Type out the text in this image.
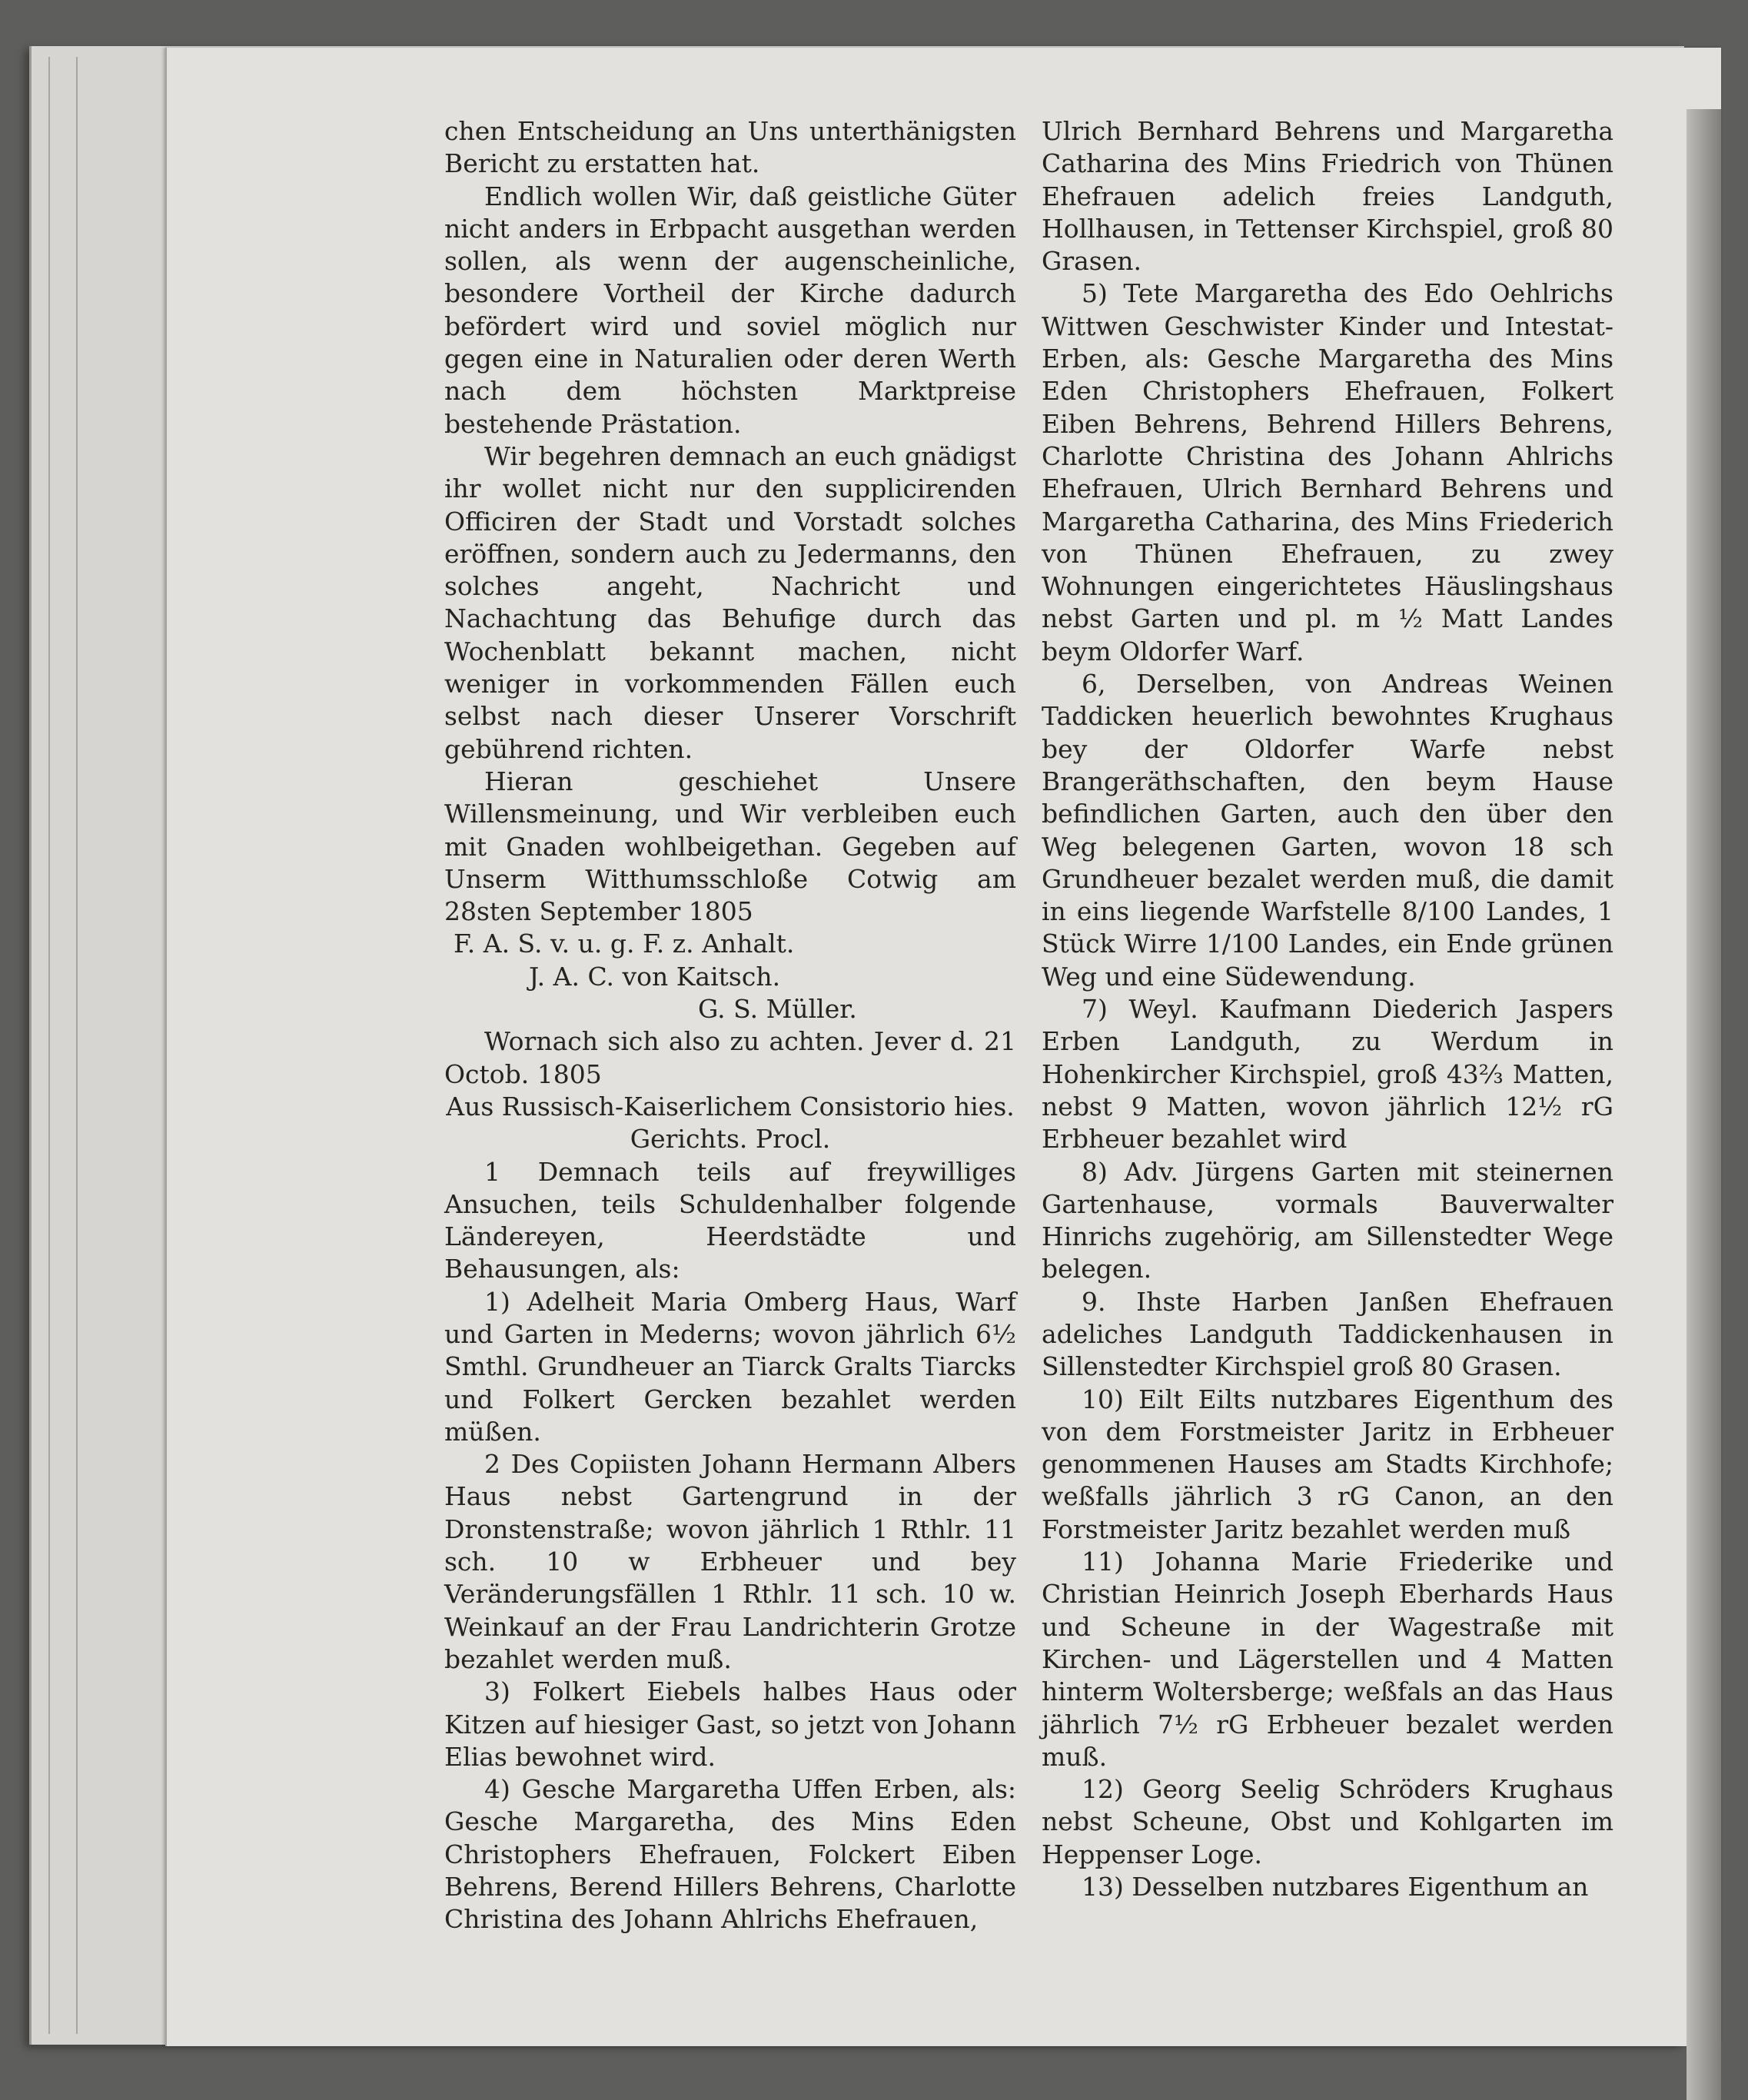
chen Entscheidung an Uns unterthänigsten Bericht zu erstatten hat.

Endlich wollen Wir, daß geistliche Güter nicht anders in Erbpacht ausgethan werden sollen, als wenn der augenscheinliche, besondere Vortheil der Kirche dadurch befördert wird und soviel möglich nur gegen eine in Naturalien oder deren Werth nach dem höchsten Marktpreise bestehende Prästation.

Wir begehren demnach an euch gnädigst ihr wollet nicht nur den supplicirenden Officiren der Stadt und Vorstadt solches eröffnen, sondern auch zu Jedermanns, den solches angeht, Nachricht und Nachachtung das Behufige durch das Wochenblatt bekannt machen, nicht weniger in vorkommenden Fällen euch selbst nach dieser Unserer Vorschrift gebührend richten.

Hieran geschiehet Unsere Willensmeinung, und Wir verbleiben euch mit Gnaden wohlbeigethan. Gegeben auf Unserm Witthumsschloße Cotwig am 28sten September 1805

F. A. S. v. u. g. F. z. Anhalt.

J. A. C. von Kaitsch.

G. S. Müller.

Wornach sich also zu achten. Jever d. 21 Octob. 1805

Aus Russisch-Kaiserlichem Consistorio hies. Gerichts. Procl.

1 Demnach teils auf freywilliges Ansuchen, teils Schuldenhalber folgende Ländereyen, Heerdstädte und Behausungen, als:

1) Adelheit Maria Omberg Haus, Warf und Garten in Mederns; wovon jährlich 6½ Smthl. Grundheuer an Tiarck Gralts Tiarcks und Folkert Gercken bezahlet werden müßen.

2 Des Copiisten Johann Hermann Albers Haus nebst Gartengrund in der Dronstenstraße; wovon jährlich 1 Rthlr. 11 sch. 10 w Erbheuer und bey Veränderungsfällen 1 Rthlr. 11 sch. 10 w. Weinkauf an der Frau Landrichterin Grotze bezahlet werden muß.

3) Folkert Eiebels halbes Haus oder Kitzen auf hiesiger Gast, so jetzt von Johann Elias bewohnet wird.

4) Gesche Margaretha Uffen Erben, als: Gesche Margaretha, des Mins Eden Christophers Ehefrauen, Folckert Eiben Behrens, Berend Hillers Behrens, Charlotte Christina des Johann Ahlrichs Ehefrauen,

Ulrich Bernhard Behrens und Margaretha Catharina des Mins Friedrich von Thünen Ehefrauen adelich freies Landguth, Hollhausen, in Tettenser Kirchspiel, groß 80 Grasen.

5) Tete Margaretha des Edo Oehlrichs Wittwen Geschwister Kinder und Intestat-Erben, als: Gesche Margaretha des Mins Eden Christophers Ehefrauen, Folkert Eiben Behrens, Behrend Hillers Behrens, Charlotte Christina des Johann Ahlrichs Ehefrauen, Ulrich Bernhard Behrens und Margaretha Catharina, des Mins Friederich von Thünen Ehefrauen, zu zwey Wohnungen eingerichtetes Häuslingshaus nebst Garten und pl. m ½ Matt Landes beym Oldorfer Warf.

6, Derselben, von Andreas Weinen Taddicken heuerlich bewohntes Krughaus bey der Oldorfer Warfe nebst Brangeräthschaften, den beym Hause befindlichen Garten, auch den über den Weg belegenen Garten, wovon 18 sch Grundheuer bezalet werden muß, die damit in eins liegende Warfstelle 8/100 Landes, 1 Stück Wirre 1/100 Landes, ein Ende grünen Weg und eine Südewendung.

7) Weyl. Kaufmann Diederich Jaspers Erben Landguth, zu Werdum in Hohenkircher Kirchspiel, groß 43⅔ Matten, nebst 9 Matten, wovon jährlich 12½ rG Erbheuer bezahlet wird

8) Adv. Jürgens Garten mit steinernen Gartenhause, vormals Bauverwalter Hinrichs zugehörig, am Sillenstedter Wege belegen.

9. Ihste Harben Janßen Ehefrauen adeliches Landguth Taddickenhausen in Sillenstedter Kirchspiel groß 80 Grasen.

10) Eilt Eilts nutzbares Eigenthum des von dem Forstmeister Jaritz in Erbheuer genommenen Hauses am Stadts Kirchhofe; weßfalls jährlich 3 rG Canon, an den Forstmeister Jaritz bezahlet werden muß

11) Johanna Marie Friederike und Christian Heinrich Joseph Eberhards Haus und Scheune in der Wagestraße mit Kirchen- und Lägerstellen und 4 Matten hinterm Woltersberge; weßfals an das Haus jährlich 7½ rG Erbheuer bezalet werden muß.

12) Georg Seelig Schröders Krughaus nebst Scheune, Obst und Kohlgarten im Heppenser Loge.

13) Desselben nutzbares Eigenthum an
